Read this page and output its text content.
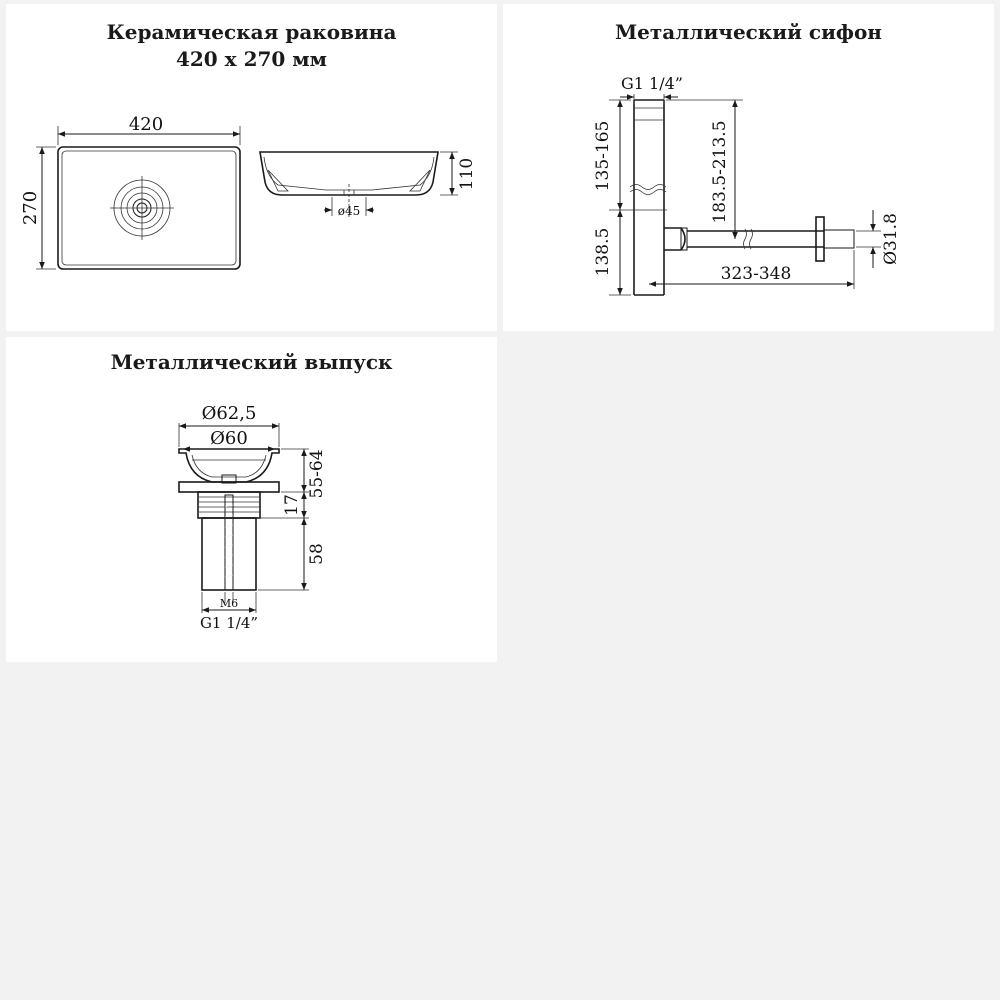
Керамическая раковина
420 x 270 мм
420
270	ø45
110
Металлический сифон
G1 1/4”
135-165
138.5
183.5-213.5
323-348
Ø31.8
Металлический выпуск
Ø62,5
Ø60
55-64
17
58
M6
G1 1/4”
